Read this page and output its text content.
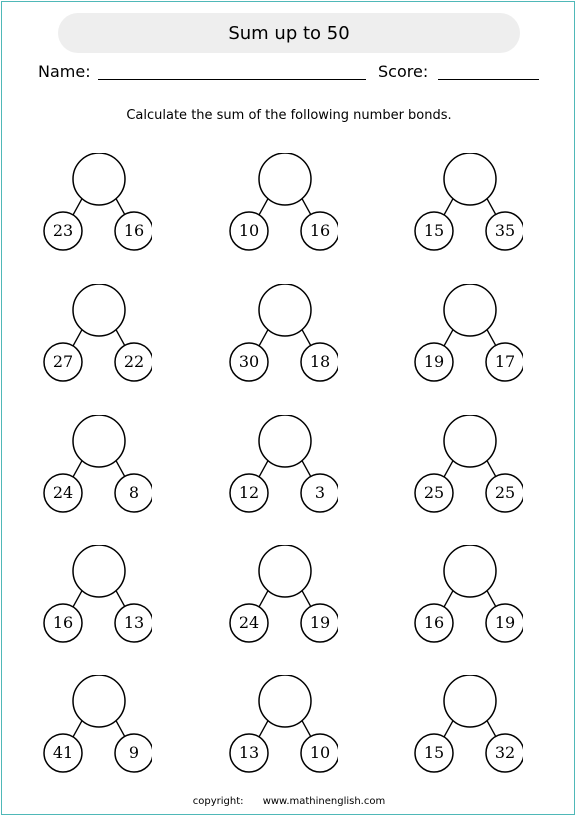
Sum up to 50
Name:	Score:
Calculate the sum of the following number bonds.
23	16	10	16	15	35
27	22	30	18	19	17
24	8	12	3	25	25
16	13	24	19	16	19
41	9	13	10	15	32
copyright: www.mathinenglish.com
